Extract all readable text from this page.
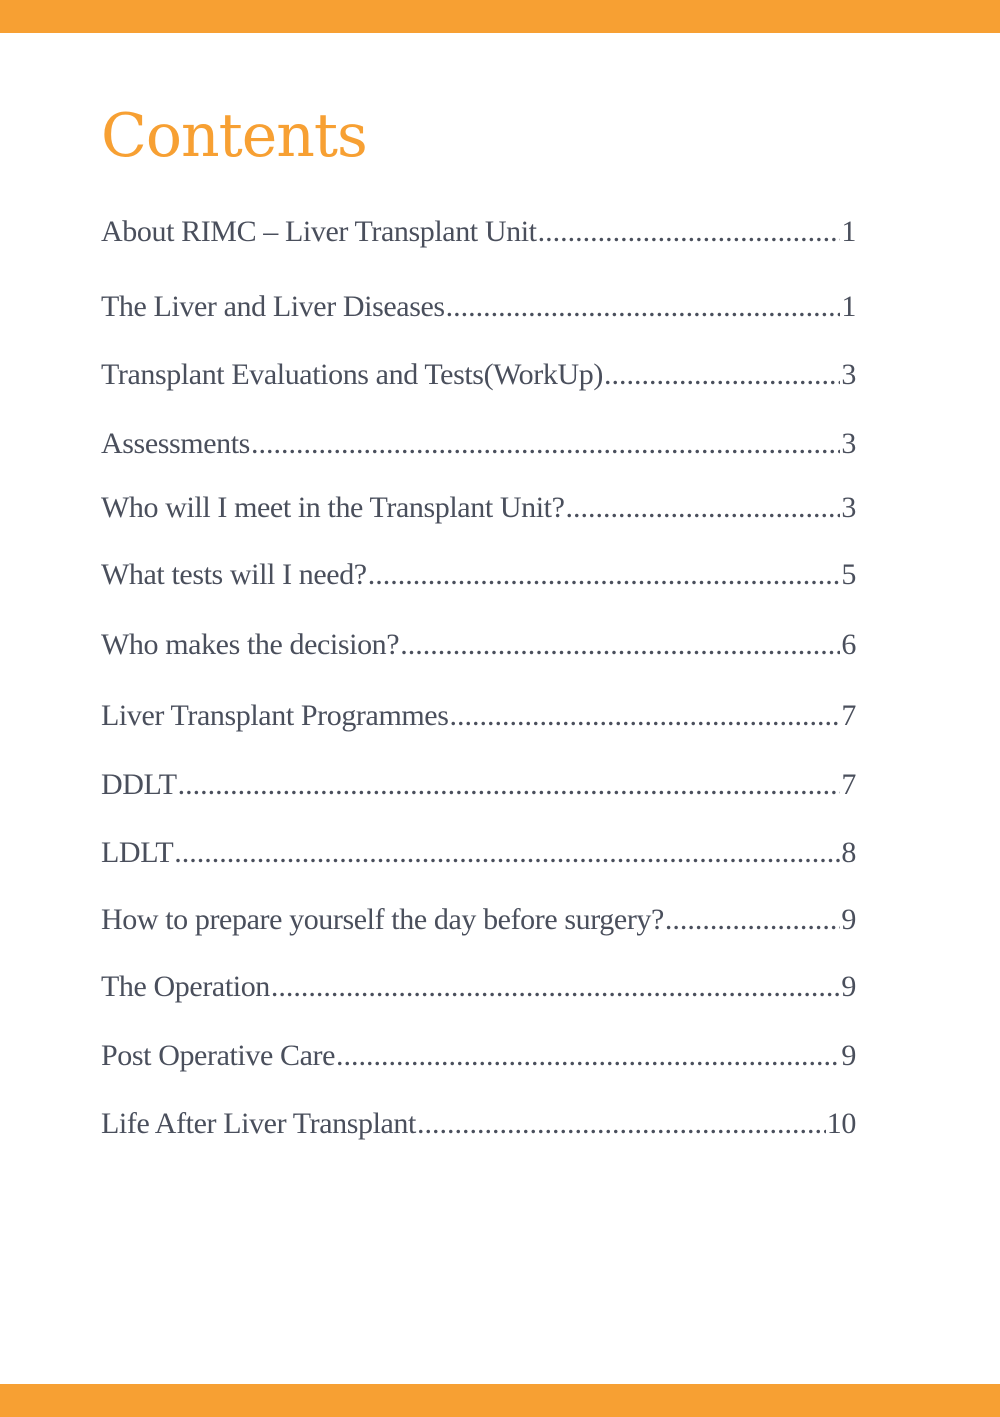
Contents
About RIMC – Liver Transplant Unit .....	1
The Liver and Liver Diseases .....	1
Transplant Evaluations and Tests(WorkUp) .....	3
Assessments .....	3
Who will I meet in the Transplant Unit? .....	3
What tests will I need? .....	5
Who makes the decision? .....	6
Liver Transplant Programmes .....	7
DDLT .....	7
LDLT .....	8
How to prepare yourself the day before surgery? .....	9
The Operation .....	9
Post Operative Care .....	9
Life After Liver Transplant .....	10
